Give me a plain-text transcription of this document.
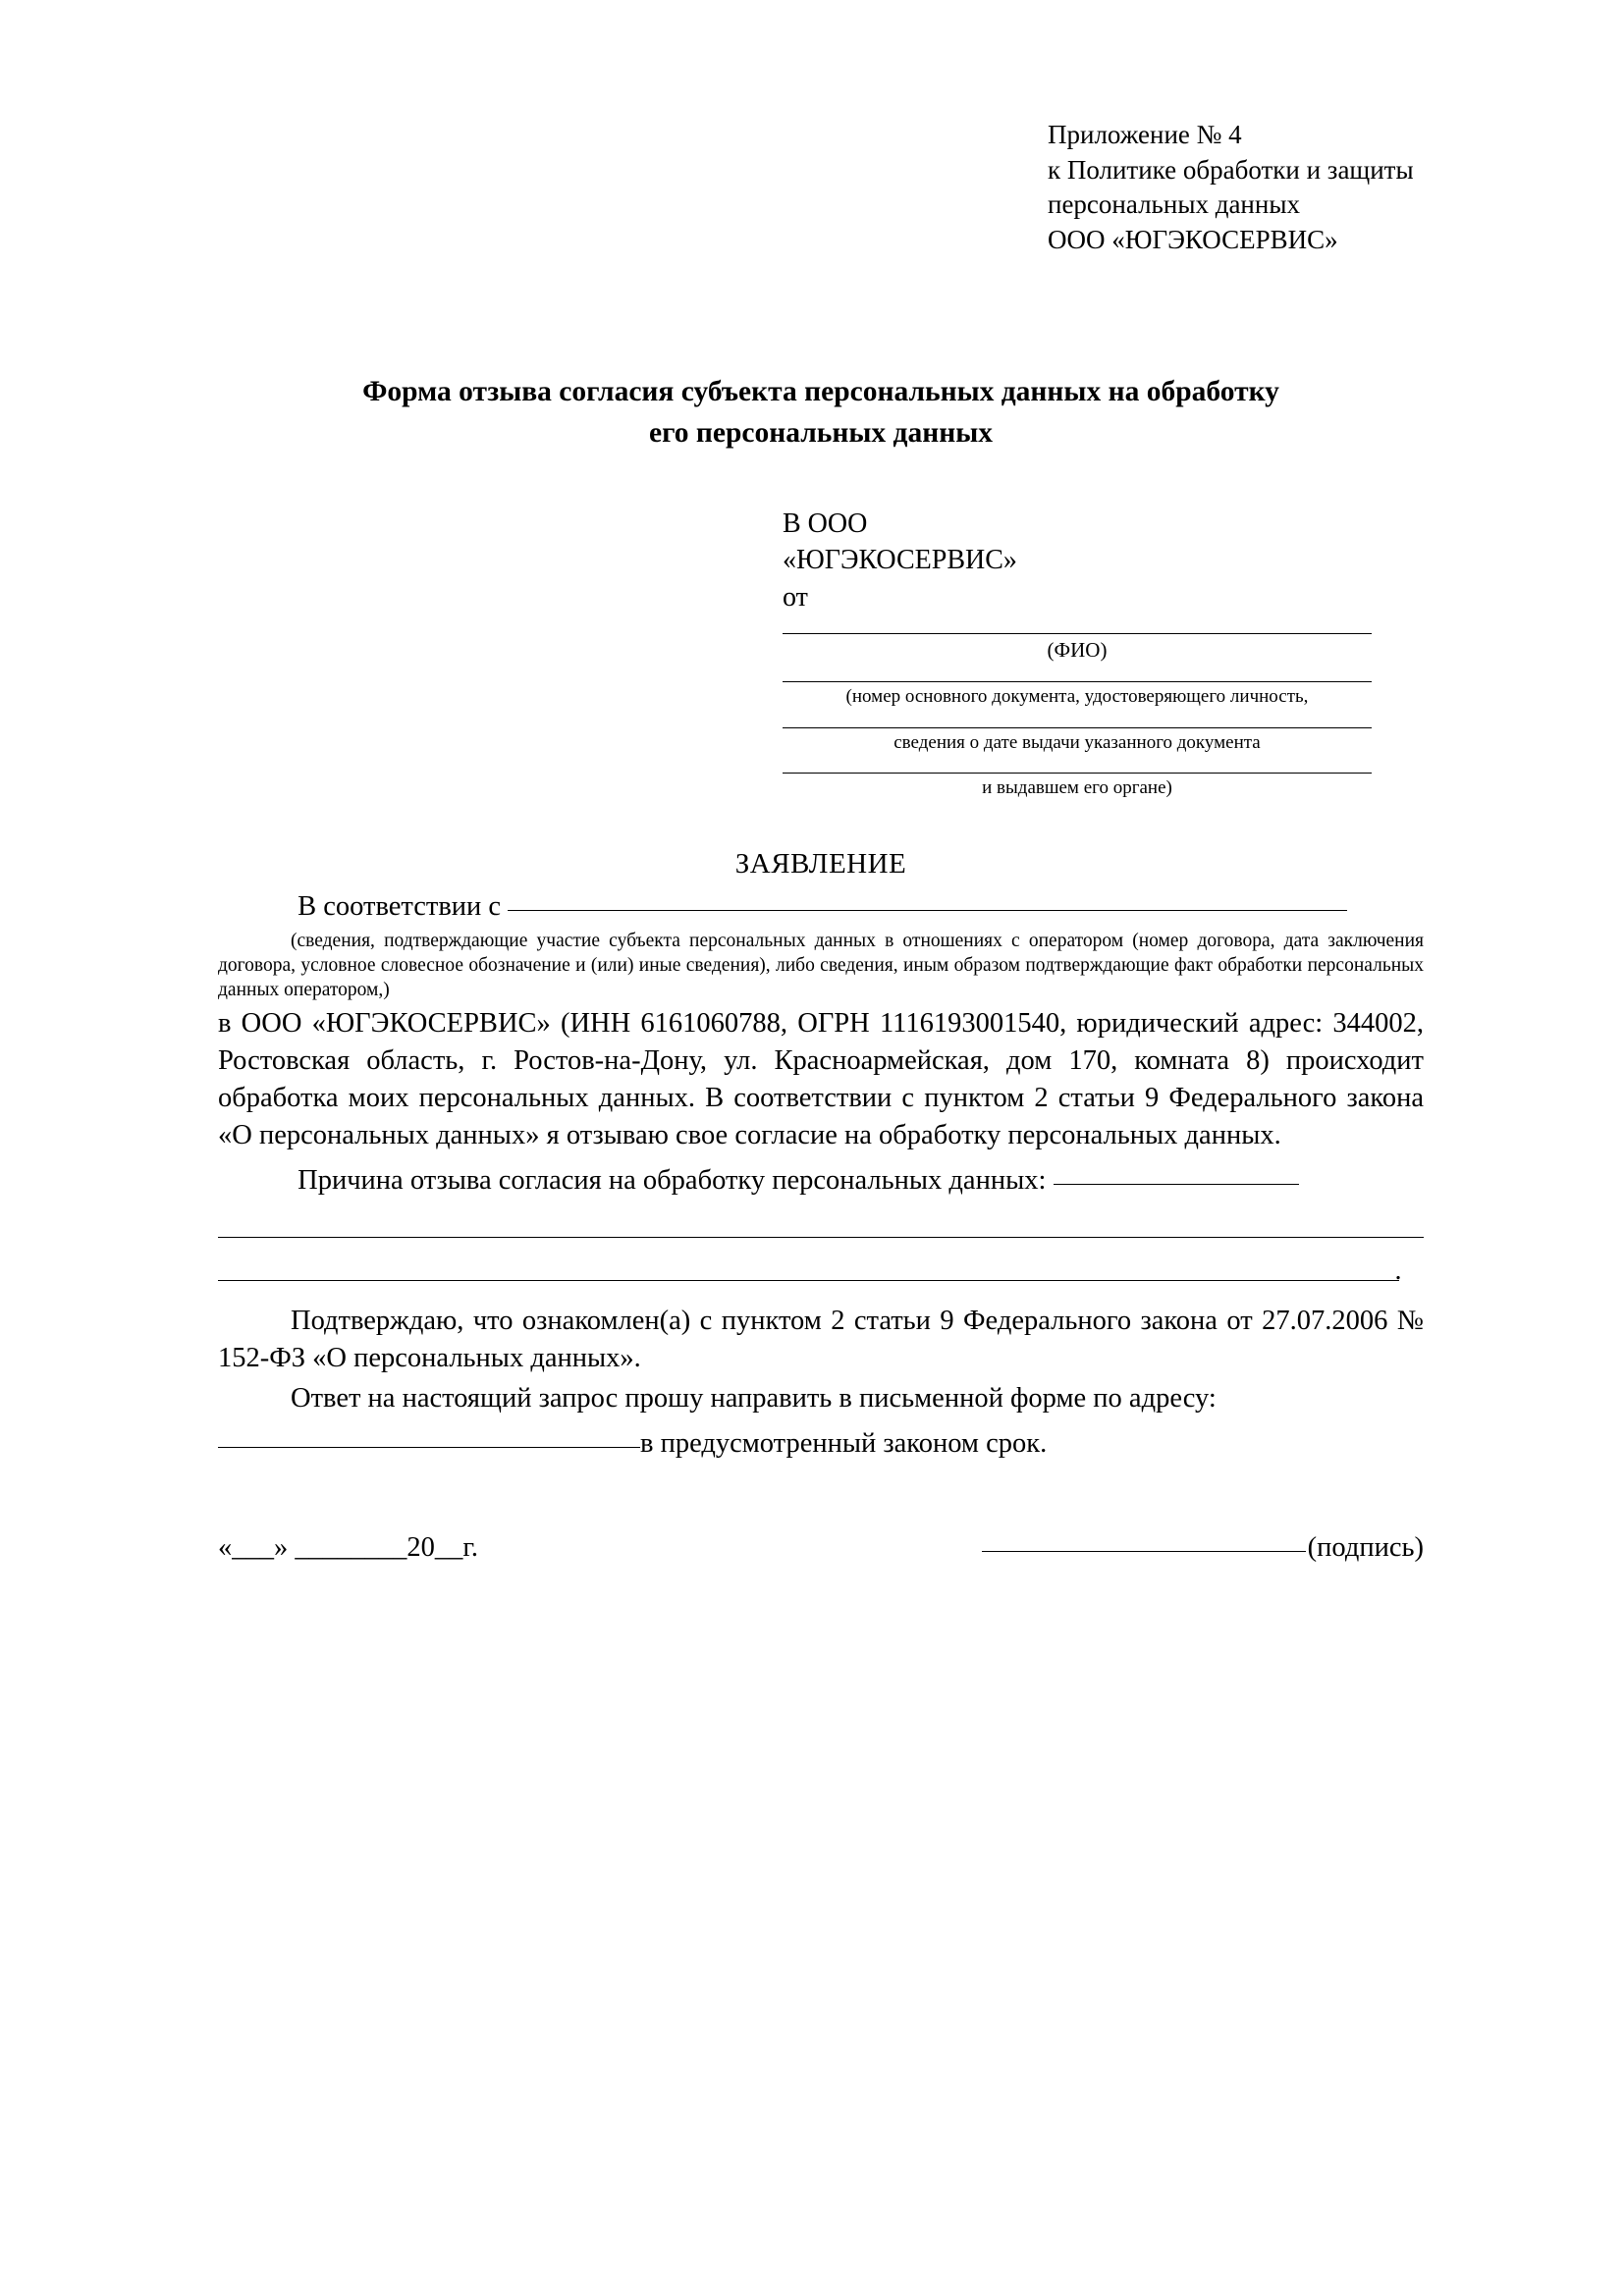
Приложение № 4
к Политике обработки и защиты
персональных данных
ООО «ЮГЭКОСЕРВИС»
Форма отзыва согласия субъекта персональных данных на обработку
его персональных данных
В ООО
«ЮГЭКОСЕРВИС»
от
(ФИО)
(номер основного документа, удостоверяющего личность,
сведения о дате выдачи указанного документа
и выдавшем его органе)
ЗАЯВЛЕНИЕ
В соответствии с
(сведения, подтверждающие участие субъекта персональных данных в отношениях с оператором (номер договора, дата заключения договора, условное словесное обозначение и (или) иные сведения), либо сведения, иным образом подтверждающие факт обработки персональных данных оператором,)
в ООО «ЮГЭКОСЕРВИС» (ИНН 6161060788, ОГРН 1116193001540, юридический адрес: 344002, Ростовская область, г. Ростов-на-Дону, ул. Красноармейская, дом 170, комната 8) происходит обработка моих персональных данных. В соответствии с пунктом 2 статьи 9 Федерального закона «О персональных данных» я отзываю свое согласие на обработку персональных данных.
Причина отзыва согласия на обработку персональных данных:
.
Подтверждаю, что ознакомлен(а) с пунктом 2 статьи 9 Федерального закона от 27.07.2006 № 152-ФЗ «О персональных данных».
Ответ на настоящий запрос прошу направить в письменной форме по адресу:
в предусмотренный законом срок.
«___» ________20__г.	(подпись)
